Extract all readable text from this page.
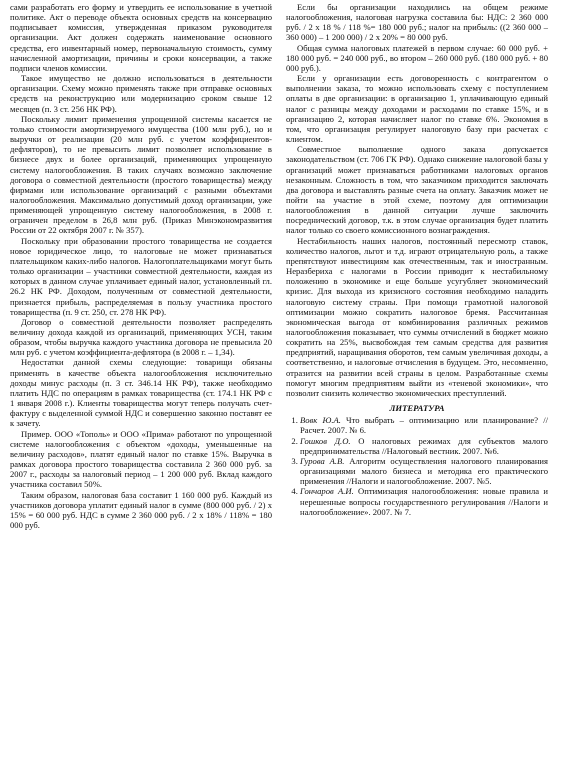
сами разработать его форму и утвердить ее использование в учетной политике. Акт о переводе объекта основных средств на консервацию подписывает комиссия, утвержденная приказом руководителя организации. Акт должен содержать наименование основного средства, его инвентарный номер, первоначальную стоимость, сумму начисленной амортизации, причины и сроки консервации, а также подписи членов комиссии.

Такое имущество не должно использоваться в деятельности организации. Схему можно применять также при отправке основных средств на реконструкцию или модернизацию сроком свыше 12 месяцев (п. 3 ст. 256 НК РФ).

Поскольку лимит применения упрощенной системы касается не только стоимости амортизируемого имущества (100 млн руб.), но и выручки от реализации (20 млн руб. с учетом коэффициентов-дефляторов), то не превысить лимит позволяет использование в бизнесе двух и более организаций, применяющих упрощенную систему налогообложения. В таких случаях возможно заключение договора о совместной деятельности (простого товарищества) между фирмами или использование организаций с разными объектами налогообложения. Максимально допустимый доход организации, уже применяющей упрощенную систему налогообложения, в 2008 г. ограничен пределом в 26,8 млн руб. (Приказ Минэкономразвития России от 22 октября 2007 г. № 357).

Поскольку при образовании простого товарищества не создается новое юридическое лицо, то налоговые не может признаваться плательщиком каких-либо налогов. Налогоплательщиками могут быть только организации – участники совместной деятельности, каждая из которых в данном случае уплачивает единый налог, установленный гл. 26.2 НК РФ. Доходом, полученным от совместной деятельности, признается прибыль, распределяемая в пользу участника простого товарищества (п. 9 ст. 250, ст. 278 НК РФ).

Договор о совместной деятельности позволяет распределять величину дохода каждой из организаций, применяющих УСН, таким образом, чтобы выручка каждого участника договора не превысила 20 млн руб. с учетом коэффициента-дефлятора (в 2008 г. – 1,34).

Недостатки данной схемы следующие: товарищи обязаны применять в качестве объекта налогообложения исключительно доходы минус расходы (п. 3 ст. 346.14 НК РФ), также необходимо платить НДС по операциям в рамках товарищества (ст. 174.1 НК РФ с 1 января 2008 г.). Клиенты товарищества могут теперь получать счет-фактуру с выделенной суммой НДС и совершенно законно поставят ее к зачету.

Пример. ООО «Тополь» и ООО «Прима» работают по упрощенной системе налогообложения с объектом «доходы, уменьшенные на величину расходов», платят единый налог по ставке 15%. Выручка в рамках договора простого товарищества составила 2 360 000 руб. за 2007 г., расходы за налоговый период – 1 200 000 руб. Вклад каждого участника составил 50%.

Таким образом, налоговая база составит 1 160 000 руб. Каждый из участников договора уплатит единый налог в сумме (800 000 руб. / 2) х 15% = 60 000 руб. НДС в сумме 2 360 000 руб. / 2 х 18% / 118% = 180 000 руб.

Если бы организации находились на общем режиме налогообложения, налоговая нагрузка составила бы: НДС: 2 360 000 руб. / 2 х 18 % / 118 %= 180 000 руб.; налог на прибыль: ((2 360 000 – 360 000) – 1 200 000) / 2 х 20% = 80 000 руб.

Общая сумма налоговых платежей в первом случае: 60 000 руб. + 180 000 руб. = 240 000 руб., во втором – 260 000 руб. (180 000 руб. + 80 000 руб.).

Если у организации есть договоренность с контрагентом о выполнении заказа, то можно использовать схему с поступлением оплаты в две организации: в организацию 1, уплачивающую единый налог с разницы между доходами и расходами по ставке 15%, и в организацию 2, которая начисляет налог по ставке 6%. Экономия в том, что организация регулирует налоговую базу при расчетах с клиентом.

Совместное выполнение одного заказа допускается законодательством (ст. 706 ГК РФ). Однако снижение налоговой базы у организаций может признаваться работниками налоговых органов незаконным. Сложность в том, что заказчиком приходится заключать два договора и выставлять разные счета на оплату. Заказчик может не пойти на участие в этой схеме, поэтому для оптимизации налогообложения в данной ситуации лучше заключить посреднический договор, т.к. в этом случае организация будет платить налог только со своего комиссионного вознаграждения.

Нестабильность наших налогов, постоянный пересмотр ставок, количество налогов, льгот и т.д. играют отрицательную роль, а также препятствуют инвестициям как отечественным, так и иностранным. Неразбериха с налогами в России приводит к нестабильному положению в экономике и еще больше усугубляет экономический кризис. Для выхода из кризисного состояния необходимо наладить налоговую систему страны. При помощи грамотной налоговой оптимизации можно сократить налоговое бремя. Рассчитанная экономическая выгода от комбинирования различных режимов налогообложения показывает, что суммы отчислений в бюджет можно сократить на 25%, высвобождая тем самым средства для развития предприятий, наращивания оборотов, тем самым увеличивая доходы, а соответственно, и налоговые отчисления в будущем. Это, несомненно, отразится на развитии всей страны в целом. Разработанные схемы помогут многим предприятиям выйти из «теневой экономики», что позволит снизить количество экономических преступлений.

ЛИТЕРАТУРА

1. Вовк Ю.А. Что выбрать – оптимизацию или планирование? //Расчет. 2007. № 6.
2. Гошков Д.О. О налоговых режимах для субъектов малого предпринимательства //Налоговый вестник. 2007. №6.
3. Гурова А.В. Алгоритм осуществления налогового планирования организациями малого бизнеса и методика его практического применения //Налоги и налогообложение. 2007. №5.
4. Гончаров А.И. Оптимизация налогообложения: новые правила и нерешенные вопросы государственного регулирования //Налоги и налогообложение». 2007. № 7.
